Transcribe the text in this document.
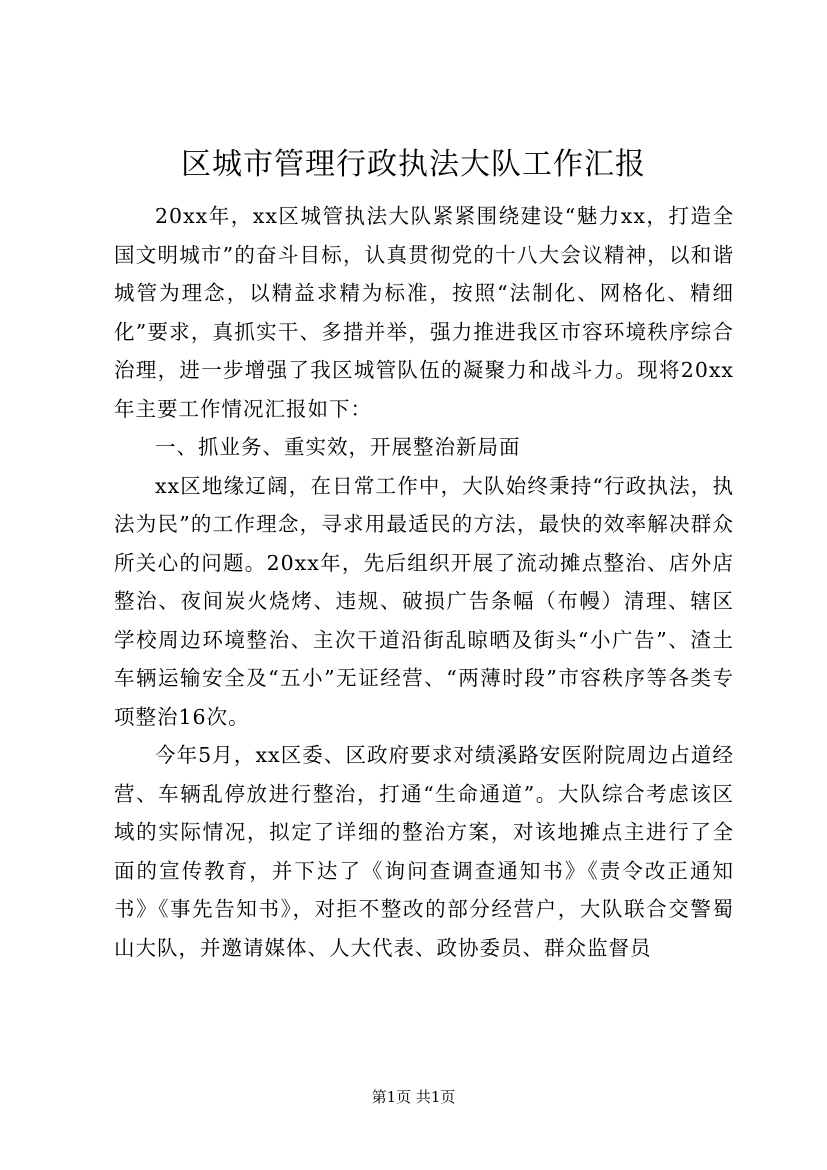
区城市管理行政执法大队工作汇报

20xx年，xx区城管执法大队紧紧围绕建设“魅力xx，打造全国文明城市”的奋斗目标，认真贯彻党的十八大会议精神，以和谐城管为理念，以精益求精为标准，按照“法制化、网格化、精细化”要求，真抓实干、多措并举，强力推进我区市容环境秩序综合治理，进一步增强了我区城管队伍的凝聚力和战斗力。现将20xx年主要工作情况汇报如下：

一、抓业务、重实效，开展整治新局面

xx区地缘辽阔，在日常工作中，大队始终秉持“行政执法，执法为民”的工作理念，寻求用最适民的方法，最快的效率解决群众所关心的问题。20xx年，先后组织开展了流动摊点整治、店外店整治、夜间炭火烧烤、违规、破损广告条幅（布幔）清理、辖区学校周边环境整治、主次干道沿街乱晾晒及街头“小广告”、渣土车辆运输安全及“五小”无证经营、“两薄时段”市容秩序等各类专项整治16次。

今年5月，xx区委、区政府要求对绩溪路安医附院周边占道经营、车辆乱停放进行整治，打通“生命通道”。大队综合考虑该区域的实际情况，拟定了详细的整治方案，对该地摊点主进行了全面的宣传教育，并下达了《询问查调查通知书》《责令改正通知书》《事先告知书》，对拒不整改的部分经营户，大队联合交警蜀山大队，并邀请媒体、人大代表、政协委员、群众监督员

第1页 共1页
